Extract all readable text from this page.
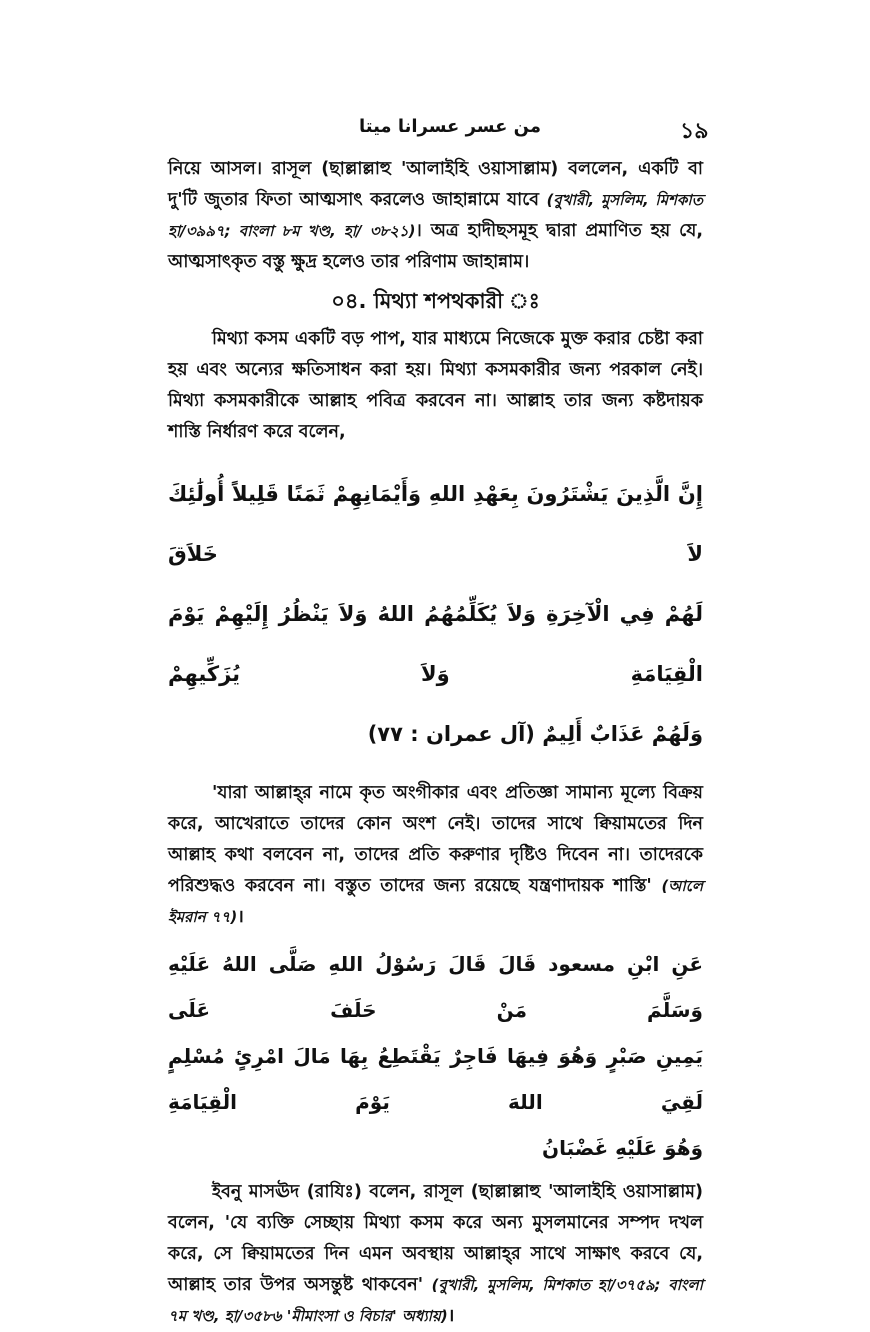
من عسر عسرانا ميتا	১৯

নিয়ে আসল। রাসূল (ছাল্লাল্লাহু 'আলাইহি ওয়াসাল্লাম) বললেন, একটি বা দু'টি জুতার ফিতা আত্মসাৎ করলেও জাহান্নামে যাবে (বুখারী, মুসলিম, মিশকাত হা/৩৯৯৭; বাংলা ৮ম খণ্ড, হা/ ৩৮২১)। অত্র হাদীছসমূহ দ্বারা প্রমাণিত হয় যে, আত্মসাৎকৃত বস্তু ক্ষুদ্র হলেও তার পরিণাম জাহান্নাম।

০৪. মিথ্যা শপথকারী ঃ

মিথ্যা কসম একটি বড় পাপ, যার মাধ্যমে নিজেকে মুক্ত করার চেষ্টা করা হয় এবং অন্যের ক্ষতিসাধন করা হয়। মিথ্যা কসমকারীর জন্য পরকাল নেই। মিথ্যা কসমকারীকে আল্লাহ পবিত্র করবেন না। আল্লাহ তার জন্য কষ্টদায়ক শাস্তি নির্ধারণ করে বলেন,

إِنَّ الَّذِينَ يَشْتَرُونَ بِعَهْدِ اللهِ وَأَيْمَانِهِمْ ثَمَنًا قَلِيلاً أُولَٰئِكَ لاَ خَلاَقَ

لَهُمْ فِي الْآخِرَةِ وَلاَ يُكَلِّمُهُمُ اللهُ وَلاَ يَنْظُرُ إِلَيْهِمْ يَوْمَ الْقِيَامَةِ وَلاَ يُزَكِّيهِمْ

وَلَهُمْ عَذَابٌ أَلِيمٌ (آل عمران : ٧٧)

'যারা আল্লাহ্‌র নামে কৃত অংগীকার এবং প্রতিজ্ঞা সামান্য মূল্যে বিক্রয় করে, আখেরাতে তাদের কোন অংশ নেই। তাদের সাথে ক্বিয়ামতের দিন আল্লাহ কথা বলবেন না, তাদের প্রতি করুণার দৃষ্টিও দিবেন না। তাদেরকে পরিশুদ্ধও করবেন না। বস্তুত তাদের জন্য রয়েছে যন্ত্রণাদায়ক শাস্তি' (আলে ইমরান ৭৭)।

عَنِ ابْنِ مسعود قَالَ قَالَ رَسُوْلُ اللهِ صَلَّى اللهُ عَلَيْهِ وَسَلَّمَ مَنْ حَلَفَ عَلَى

يَمِينِ صَبْرٍ وَهُوَ فِيهَا فَاجِرٌ يَقْتَطِعُ بِهَا مَالَ امْرِئٍ مُسْلِمٍ لَقِيَ اللهَ يَوْمَ الْقِيَامَةِ

وَهُوَ عَلَيْهِ غَضْبَانُ

ইবনু মাসঊদ (রাযিঃ) বলেন, রাসূল (ছাল্লাল্লাহু 'আলাইহি ওয়াসাল্লাম) বলেন, 'যে ব্যক্তি সেচ্ছায় মিথ্যা কসম করে অন্য মুসলমানের সম্পদ দখল করে, সে ক্বিয়ামতের দিন এমন অবস্থায় আল্লাহ্‌র সাথে সাক্ষাৎ করবে যে, আল্লাহ তার উপর অসন্তুষ্ট থাকবেন' (বুখারী, মুসলিম, মিশকাত হা/৩৭৫৯; বাংলা ৭ম খণ্ড, হা/৩৫৮৬ 'মীমাংসা ও বিচার' অধ্যায়)।
